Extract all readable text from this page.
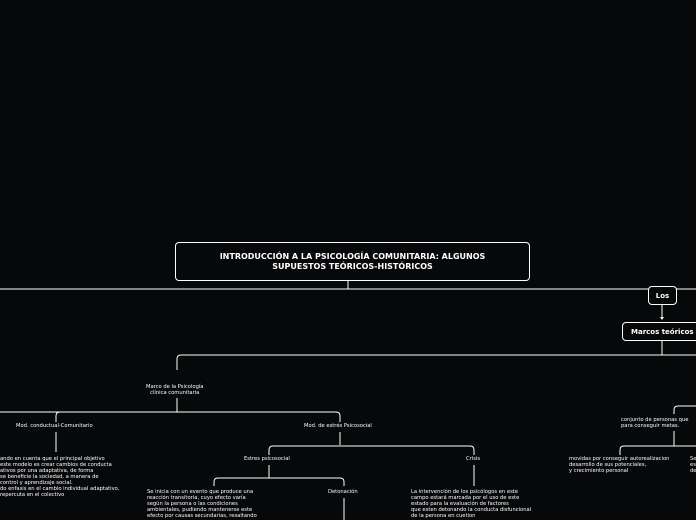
INTRODUCCIÓN A LA PSICOLOGÍA COMUNITARIA: ALGUNOS
SUPUESTOS TEÓRICOS-HISTÓRICOS
Los
Marcos teóricos
Marco de la Psicología
clínica comunitaria
Mod. conductual-Comunitario
ando en cuenta que el principal objetivo
este modelo es crear cambios de conducta
ativos por una adaptativa, de forma
se beneficie la sociedad, a manera de
control y aprendizaje social.
do enfasis en el cambio individual adaptativo,
repercuta en el colectivo
Mod. de estrés Psicosocial
Estres psicosocial	Crisis
Se inicia con un evento que produce una
reacción transitoria, cuyo efecto varía
según la persona o las condiciones
ambientales, pudiendo mantenerse este
efecto por causas secundarias, resaltando
Detonación	La intervención de los psicólogos en este
campo estará marcada por el uso de este
estado para la evaluación de factores
que esten detonando la conducta disfuncional
de la persona en cuetion
conjunto de personas que
para conseguir metas.
movidas por conseguir autorealizacion
desarrollo de sus potenciales,
y crecimiento personal
Se
es
de
